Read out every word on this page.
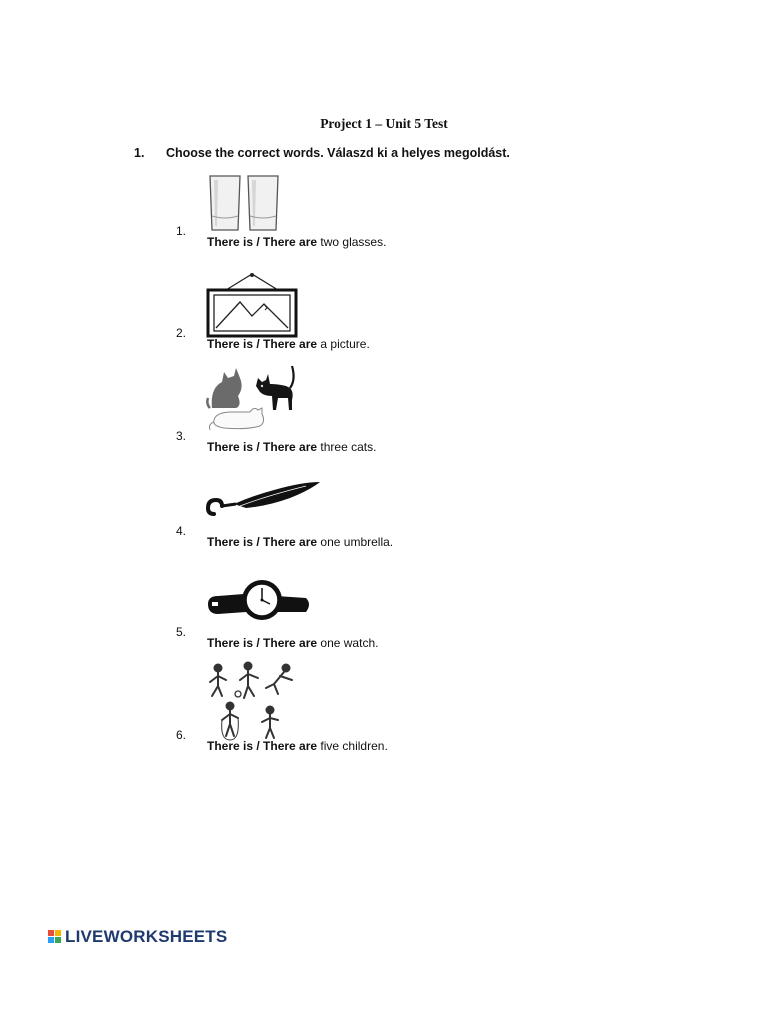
Project 1 – Unit 5 Test
1. Choose the correct words. Válaszd ki a helyes megoldást.
1.
There is / There are two glasses.
2.
There is / There are a picture.
3.
There is / There are three cats.
4.
There is / There are one umbrella.
5.
There is / There are one watch.
6.
There is / There are five children.
LIVEWORKSHEETS
